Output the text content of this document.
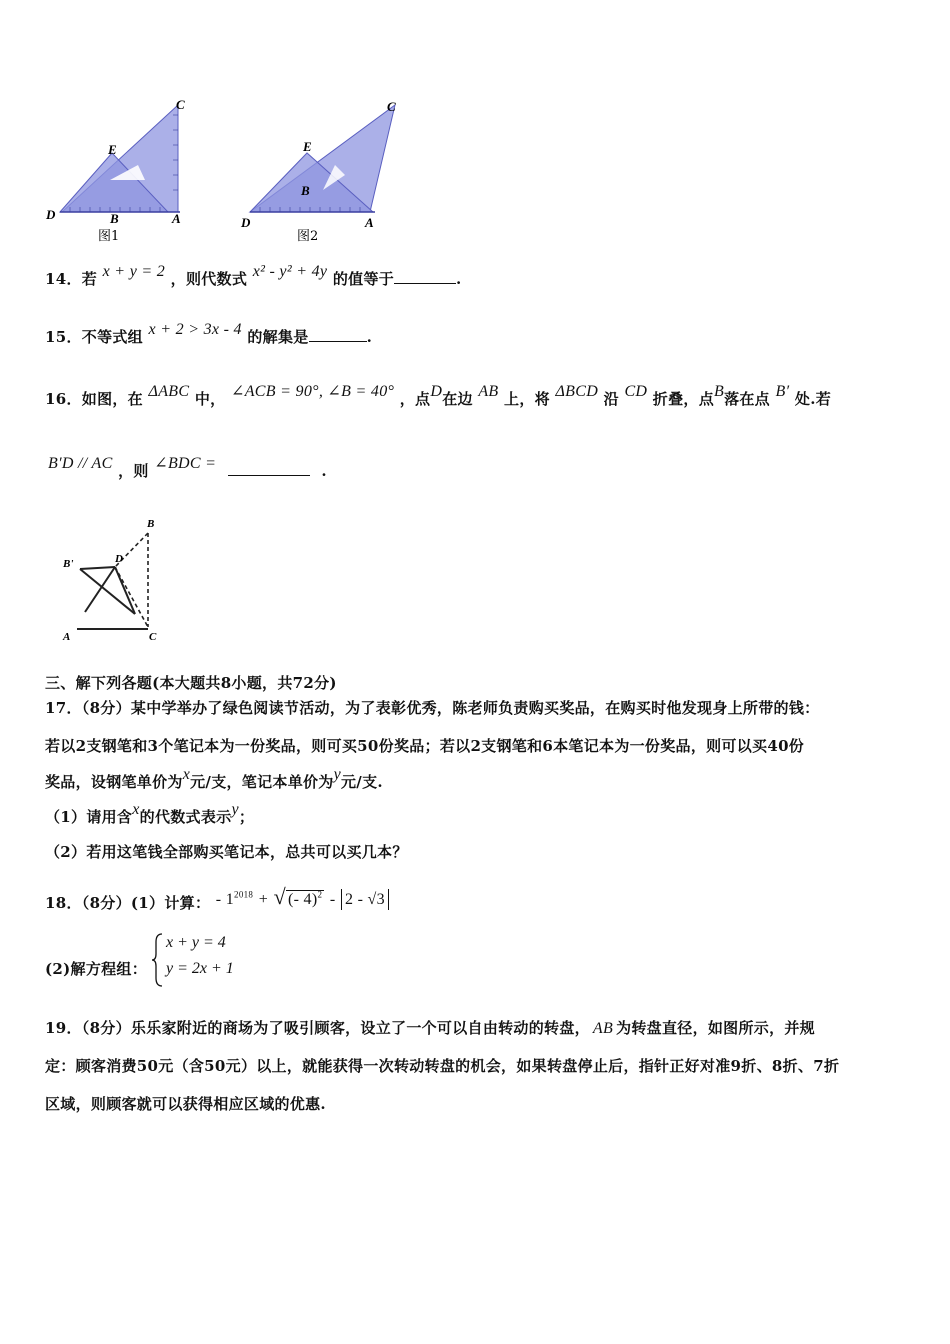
C
E
D	B	A
图1
C
E
D
B
A
图2
14．若 x + y = 2 ，则代数式 x² - y² + 4y 的值等于	.
15．不等式组 x + 2 > 3x - 4 的解集是	.
16．如图，在 ΔABC 中， ∠ACB = 90°, ∠B = 40° ，点D在边 AB 上，将 ΔBCD 沿 CD 折叠，点B落在点 B′ 处.若
B′D // AC ，则 ∠BDC =	.
B
B'	D
A	C
三、解下列各题(本大题共8小题，共72分)
17．（8分）某中学举办了绿色阅读节活动，为了表彰优秀，陈老师负责购买奖品，在购买时他发现身上所带的钱：
若以2支钢笔和3个笔记本为一份奖品，则可买50份奖品；若以2支钢笔和6本笔记本为一份奖品，则可以买40份
奖品，设钢笔单价为x元/支，笔记本单价为y元/支.
（1）请用含x的代数式表示y；
（2）若用这笔钱全部购买笔记本，总共可以买几本？
18．（8分）(1）计算： - $1^{2018}$ + √ (- 4)$^2$ - 2 - √3
(2)解方程组：
x + y = 4
y = 2x + 1
19．（8分）乐乐家附近的商场为了吸引顾客，设立了一个可以自由转动的转盘， AB 为转盘直径，如图所示，并规
定：顾客消费50元（含50元）以上，就能获得一次转动转盘的机会，如果转盘停止后，指针正好对准9折、8折、7折
区域，则顾客就可以获得相应区域的优惠.
